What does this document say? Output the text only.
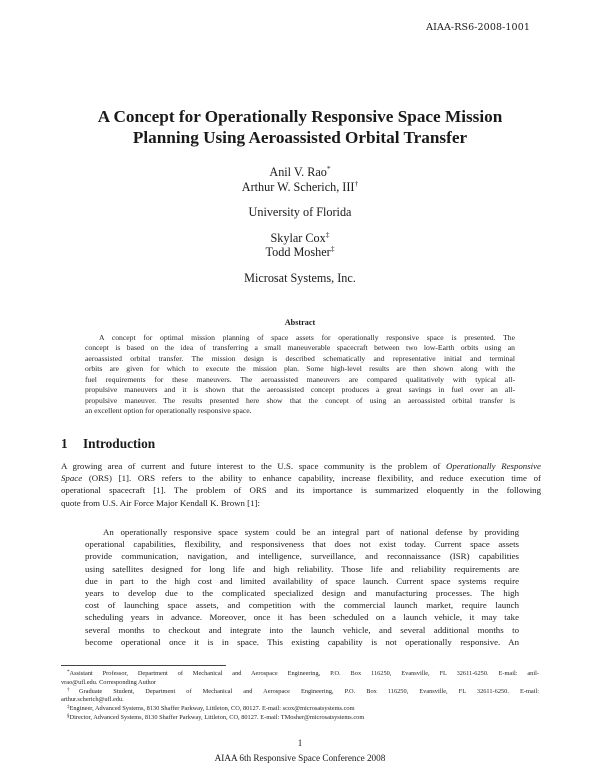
AIAA-RS6-2008-1001
A Concept for Operationally Responsive Space Mission
Planning Using Aeroassisted Orbital Transfer
Anil V. Rao*
Arthur W. Scherich, III†
University of Florida
Skylar Cox‡
Todd Mosher‡
Microsat Systems, Inc.
Abstract
A concept for optimal mission planning of space assets for operationally responsive space is presented. The
concept is based on the idea of transferring a small maneuverable spacecraft between two low-Earth orbits using an
aeroassisted orbital transfer. The mission design is described schematically and representative initial and terminal
orbits are given for which to execute the mission plan. Some high-level results are then shown along with the
fuel requirements for these maneuvers. The aeroassisted maneuvers are compared qualitatively with typical all-
propulsive maneuvers and it is shown that the aeroassisted concept produces a great savings in fuel over an all-
propulsive maneuver. The results presented here show that the concept of using an aeroassisted orbital transfer is
an excellent option for operationally responsive space.
1 Introduction
A growing area of current and future interest to the U.S. space community is the problem of Operationally Responsive
Space (ORS) [1]. ORS refers to the ability to enhance capability, increase flexibility, and reduce execution time of
operational spacecraft [1]. The problem of ORS and its importance is summarized eloquently in the following
quote from U.S. Air Force Major Kendall K. Brown [1]:
An operationally responsive space system could be an integral part of national defense by providing
operational capabilities, flexibility, and responsiveness that does not exist today. Current space assets
provide communication, navigation, and intelligence, surveillance, and reconnaissance (ISR) capabilities
using satellites designed for long life and high reliability. Those life and reliability requirements are
due in part to the high cost and limited availability of space launch. Current space systems require
years to develop due to the complicated specialized design and manufacturing processes. The high
cost of launching space assets, and competition with the commercial launch market, require launch
scheduling years in advance. Moreover, once it has been scheduled on a launch vehicle, it may take
several months to checkout and integrate into the launch vehicle, and several additional months to
become operational once it is in space. This existing capability is not operationally responsive. An
*Assistant Professor, Department of Mechanical and Aerospace Engineering, P.O. Box 116250, Evansville, FL 32611-6250. E-mail: anil-
vrao@ufl.edu. Corresponding Author
†Graduate Student, Department of Mechanical and Aerospace Engineering, P.O. Box 116250, Evansville, FL 32611-6250. E-mail:
arthur.scherich@ufl.edu.
‡Engineer, Advanced Systems, 8130 Shaffer Parkway, Littleton, CO, 80127. E-mail: scox@microsatsystems.com
§Director, Advanced Systems, 8130 Shaffer Parkway, Littleton, CO, 80127. E-mail: TMosher@microsatsystems.com
1
AIAA 6th Responsive Space Conference 2008
